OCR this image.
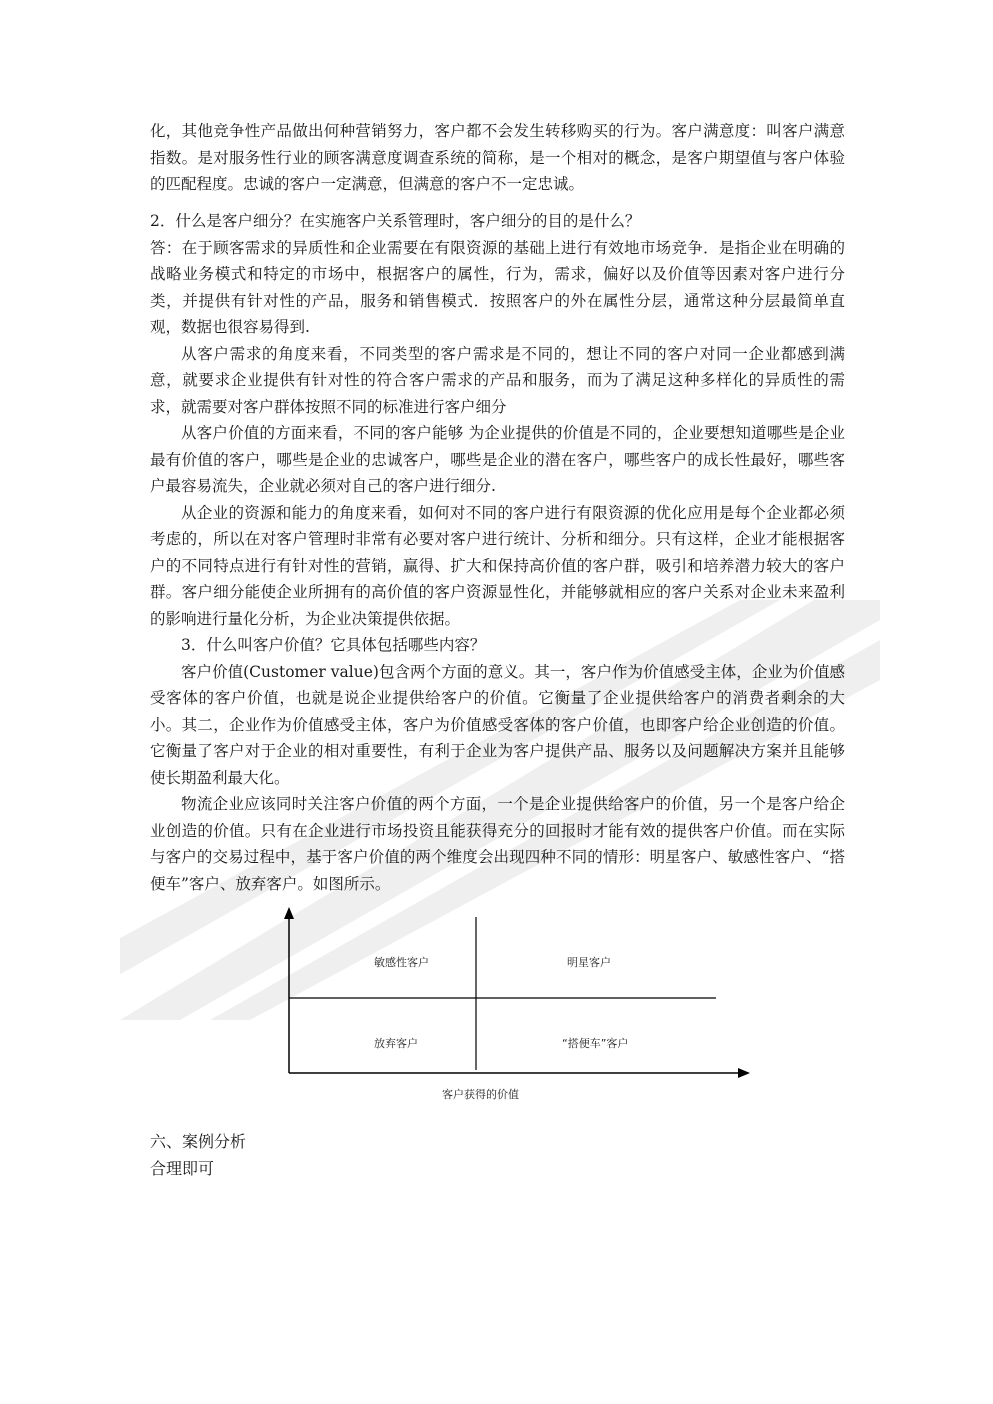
化，其他竞争性产品做出何种营销努力，客户都不会发生转移购买的行为。客户满意度：叫客户满意指数。是对服务性行业的顾客满意度调查系统的简称，是一个相对的概念，是客户期望值与客户体验的匹配程度。忠诚的客户一定满意，但满意的客户不一定忠诚。

2．什么是客户细分？在实施客户关系管理时，客户细分的目的是什么？

答：在于顾客需求的异质性和企业需要在有限资源的基础上进行有效地市场竞争．是指企业在明确的战略业务模式和特定的市场中，根据客户的属性，行为，需求，偏好以及价值等因素对客户进行分类，并提供有针对性的产品，服务和销售模式．按照客户的外在属性分层，通常这种分层最简单直观，数据也很容易得到.

从客户需求的角度来看，不同类型的客户需求是不同的，想让不同的客户对同一企业都感到满意，就要求企业提供有针对性的符合客户需求的产品和服务，而为了满足这种多样化的异质性的需求，就需要对客户群体按照不同的标准进行客户细分

从客户价值的方面来看，不同的客户能够 为企业提供的价值是不同的，企业要想知道哪些是企业最有价值的客户，哪些是企业的忠诚客户，哪些是企业的潜在客户，哪些客户的成长性最好，哪些客户最容易流失，企业就必须对自己的客户进行细分.

从企业的资源和能力的角度来看，如何对不同的客户进行有限资源的优化应用是每个企业都必须考虑的，所以在对客户管理时非常有必要对客户进行统计、分析和细分。只有这样，企业才能根据客户的不同特点进行有针对性的营销，赢得、扩大和保持高价值的客户群，吸引和培养潜力较大的客户群。客户细分能使企业所拥有的高价值的客户资源显性化，并能够就相应的客户关系对企业未来盈利的影响进行量化分析，为企业决策提供依据。

3．什么叫客户价值？它具体包括哪些内容？

客户价值(Customer value)包含两个方面的意义。其一，客户作为价值感受主体，企业为价值感受客体的客户价值，也就是说企业提供给客户的价值。它衡量了企业提供给客户的消费者剩余的大小。其二，企业作为价值感受主体，客户为价值感受客体的客户价值，也即客户给企业创造的价值。它衡量了客户对于企业的相对重要性，有利于企业为客户提供产品、服务以及问题解决方案并且能够使长期盈利最大化。

物流企业应该同时关注客户价值的两个方面，一个是企业提供给客户的价值，另一个是客户给企业创造的价值。只有在企业进行市场投资且能获得充分的回报时才能有效的提供客户价值。而在实际与客户的交易过程中，基于客户价值的两个维度会出现四种不同的情形：明星客户、敏感性客户、“搭便车”客户、放弃客户。如图所示。

敏感性客户	明星客户
放弃客户	“搭便车”客户
客户获得的价值

六、案例分析

合理即可
